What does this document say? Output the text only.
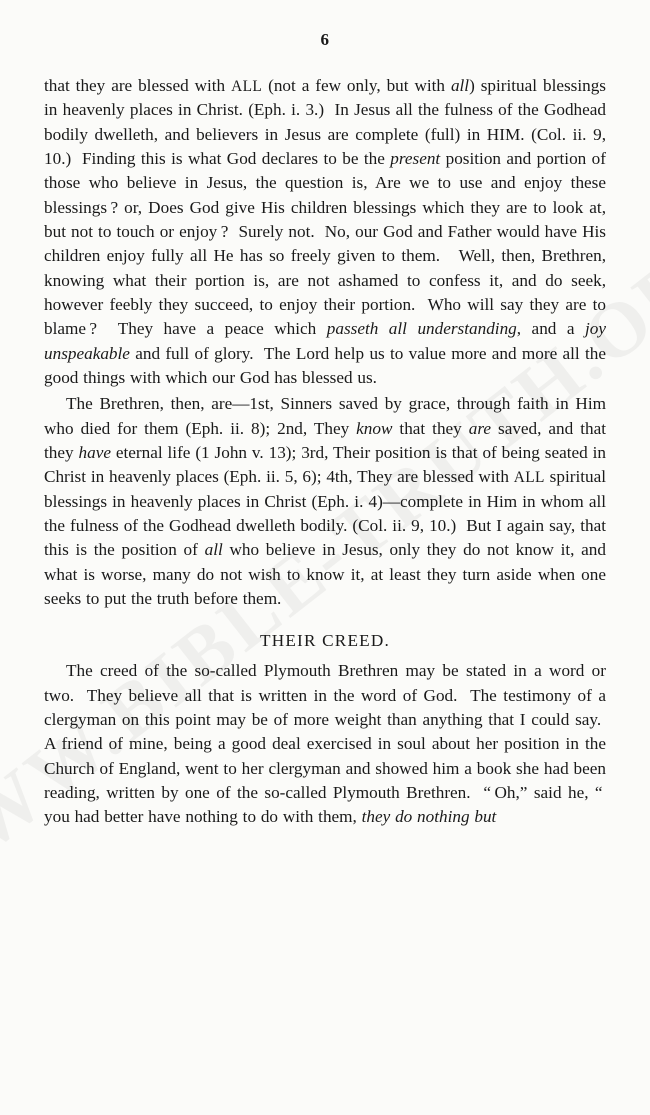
6

that they are blessed with ALL (not a few only, but with all) spiritual blessings in heavenly places in Christ. (Eph. i. 3.)  In Jesus all the fulness of the Godhead bodily dwelleth, and believers in Jesus are complete (full) in HIM. (Col. ii. 9, 10.)  Finding this is what God declares to be the present position and portion of those who believe in Jesus, the question is, Are we to use and enjoy these blessings ? or, Does God give His children blessings which they are to look at, but not to touch or enjoy ?  Surely not.  No, our God and Father would have His children enjoy fully all He has so freely given to them.   Well, then, Brethren, knowing what their portion is, are not ashamed to confess it, and do seek, however feebly they succeed, to enjoy their portion.  Who will say they are to blame ?  They have a peace which passeth all understanding, and a joy unspeakable and full of glory.  The Lord help us to value more and more all the good things with which our God has blessed us.

The Brethren, then, are—1st, Sinners saved by grace, through faith in Him who died for them (Eph. ii. 8); 2nd, They know that they are saved, and that they have eternal life (1 John v. 13); 3rd, Their position is that of being seated in Christ in heavenly places (Eph. ii. 5, 6); 4th, They are blessed with ALL spiritual blessings in heavenly places in Christ (Eph. i. 4)—complete in Him in whom all the fulness of the Godhead dwelleth bodily. (Col. ii. 9, 10.)  But I again say, that this is the position of all who believe in Jesus, only they do not know it, and what is worse, many do not wish to know it, at least they turn aside when one seeks to put the truth before them.

THEIR CREED.

The creed of the so-called Plymouth Brethren may be stated in a word or two.  They believe all that is written in the word of God.  The testimony of a clergyman on this point may be of more weight than anything that I could say.  A friend of mine, being a good deal exercised in soul about her position in the Church of England, went to her clergyman and showed him a book she had been reading, written by one of the so-called Plymouth Brethren.  “ Oh,” said he, “ you had better have nothing to do with them, they do nothing but
